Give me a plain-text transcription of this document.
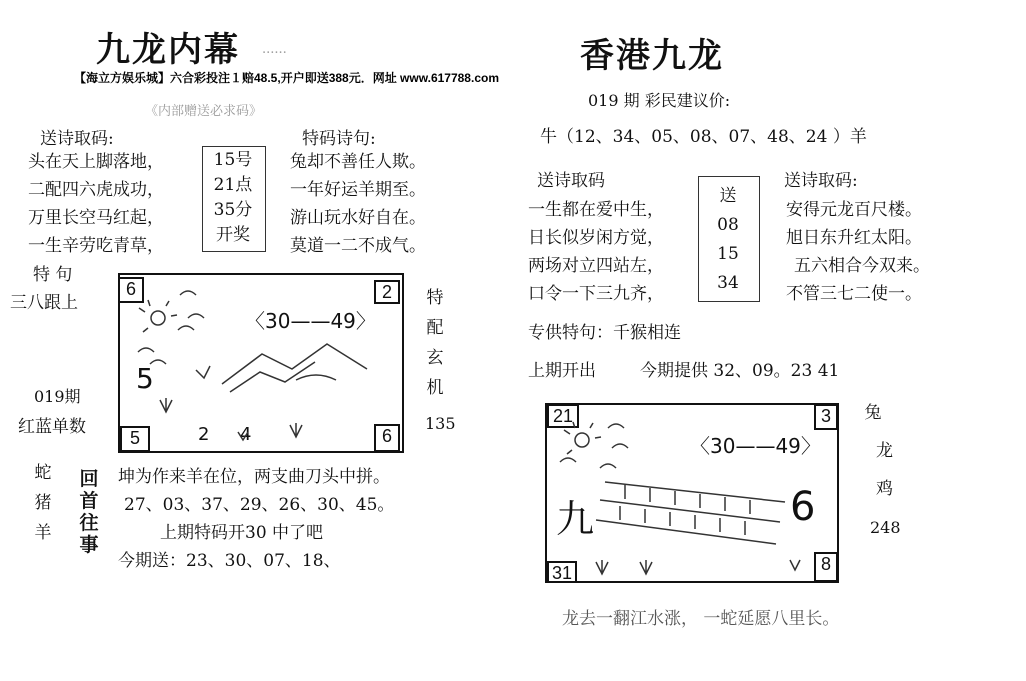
九龙内幕 ......
【海立方娱乐城】六合彩投注１赔48.5,开户即送388元．网址 www.617788.com
《内部赠送必求码》
送诗取码:
头在天上脚落地，
二配四六虎成功，
万里长空马红起，
一生辛劳吃青草，
15号
21点
35分
开奖
特码诗句:
兔却不善任人欺。
一年好运羊期至。
游山玩水好自在。
莫道一二不成气。
特 句
三八跟上
019期
红蓝单数
特
配
玄
机
135
6	2
5	6
〈30——49〉
5
2 4
蛇
猪
羊
回
首
往
事
坤为作来羊在位，两支曲刀头中拼。
27、03、37、29、26、30、45。
上期特码开30 中了吧
今期送：23、30、07、18、
香港九龙
019 期 彩民建议价:
牛（12、34、05、08、07、48、24 ）羊
送诗取码
一生都在爱中生，
日长似岁闲方觉，
两场对立四站左，
口令一下三九齐，
送
08
15
34
送诗取码:
安得元龙百尺楼。
旭日东升红太阳。
五六相合今双来。
不管三七二使一。
专供特句：千猴相连
上期开出	今期提供 32、09。23 41
21	3
31	8
〈30——49〉
九	6
兔
龙
鸡
248
龙去一翻江水涨， 一蛇延愿八里长。
